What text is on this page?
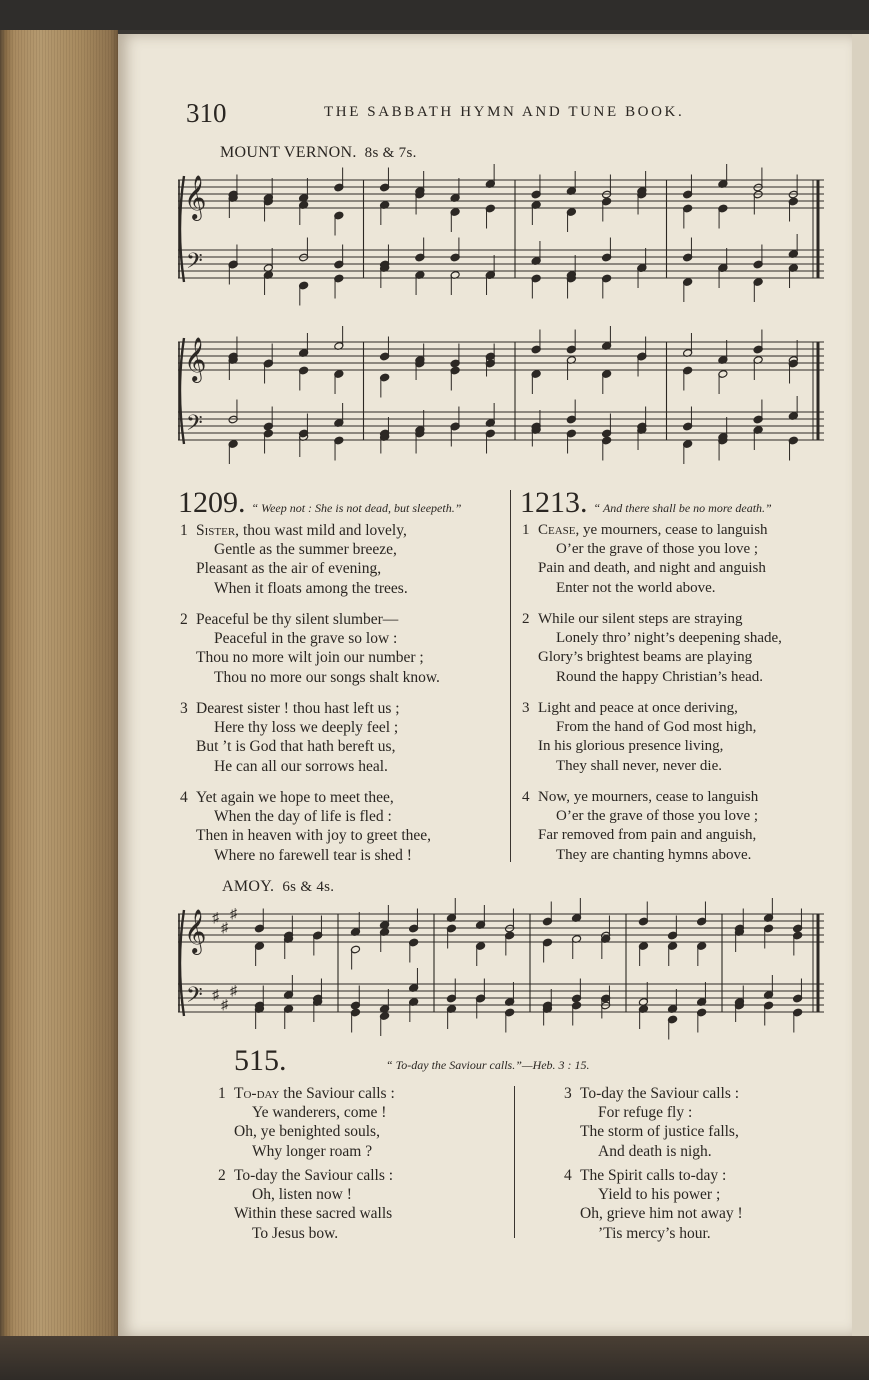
310	THE SABBATH HYMN AND TUNE BOOK.
MOUNT VERNON. 8s & 7s.
𝄞
𝄢
𝄞
𝄢
1209. “ Weep not : She is not dead, but sleepeth.”
1 Sister, thou wast mild and lovely,
Gentle as the summer breeze,
Pleasant as the air of evening,
When it floats among the trees.
2 Peaceful be thy silent slumber—
Peaceful in the grave so low :
Thou no more wilt join our number ;
Thou no more our songs shalt know.
3 Dearest sister ! thou hast left us ;
Here thy loss we deeply feel ;
But ’t is God that hath bereft us,
He can all our sorrows heal.
4 Yet again we hope to meet thee,
When the day of life is fled :
Then in heaven with joy to greet thee,
Where no farewell tear is shed !
1213. “ And there shall be no more death.”
1 Cease, ye mourners, cease to languish
O’er the grave of those you love ;
Pain and death, and night and anguish
Enter not the world above.
2 While our silent steps are straying
Lonely thro’ night’s deepening shade,
Glory’s brightest beams are playing
Round the happy Christian’s head.
3 Light and peace at once deriving,
From the hand of God most high,
In his glorious presence living,
They shall never, never die.
4 Now, ye mourners, cease to languish
O’er the grave of those you love ;
Far removed from pain and anguish,
They are chanting hymns above.
AMOY. 6s & 4s.
𝄞
𝄢
♯
♯
♯
♯
♯
♯
515.	“ To-day the Saviour calls.”—Heb. 3 : 15.
1 To-day the Saviour calls :
Ye wanderers, come !
Oh, ye benighted souls,
Why longer roam ?
2 To-day the Saviour calls :
Oh, listen now !
Within these sacred walls
To Jesus bow.
3 To-day the Saviour calls :
For refuge fly :
The storm of justice falls,
And death is nigh.
4 The Spirit calls to-day :
Yield to his power ;
Oh, grieve him not away !
’Tis mercy’s hour.
